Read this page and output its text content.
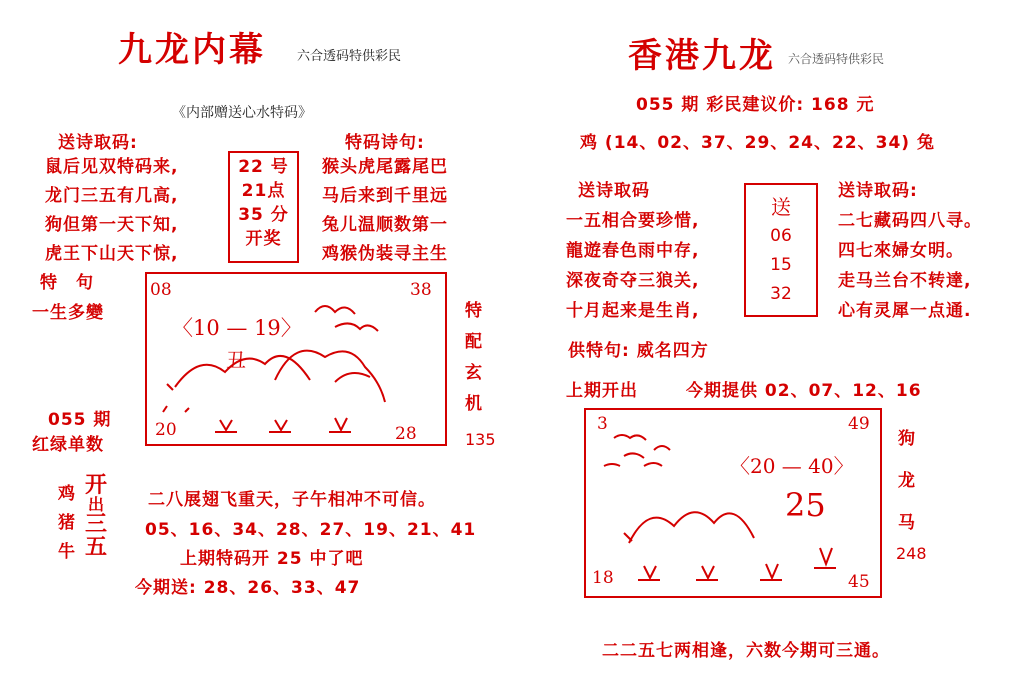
九龙内幕 六合透码特供彩民
《内部赠送心水特码》
送诗取码:
鼠后见双特码来,
龙门三五有几高,
狗但第一天下知,
虎王下山天下惊,
22 号
21点
35 分
开奖
特码诗句:
猴头虎尾露尾巴
马后来到千里远
兔儿温顺数第一
鸡猴伪装寻主生
特　句
一生多變
08	38
〈10 — 19〉
丑
20	28
特
配
玄
机
135
055 期
红绿单数
鸡
猪
牛
开
出
三
五
二八展翅飞重天，子午相冲不可信。
05、16、34、28、27、19、21、41
上期特码开 25 中了吧
今期送: 28、26、33、47
香港九龙 六合透码特供彩民
055 期 彩民建议价: 168 元
鸡 (14、02、37、29、24、22、34) 兔
送诗取码
一五相合要珍惜,
龍遊春色雨中存,
深夜奇夺三狼关,
十月起来是生肖,
送
06
15
32
送诗取码:
二七藏码四八寻。
四七來婦女明。
走马兰台不转達,
心有灵犀一点通.
供特句: 威名四方
上期开出	今期提供 02、07、12、16
3	49
〈20 — 40〉
25
18	45
狗
龙
马
248
二二五七两相逢，六数今期可三通。
